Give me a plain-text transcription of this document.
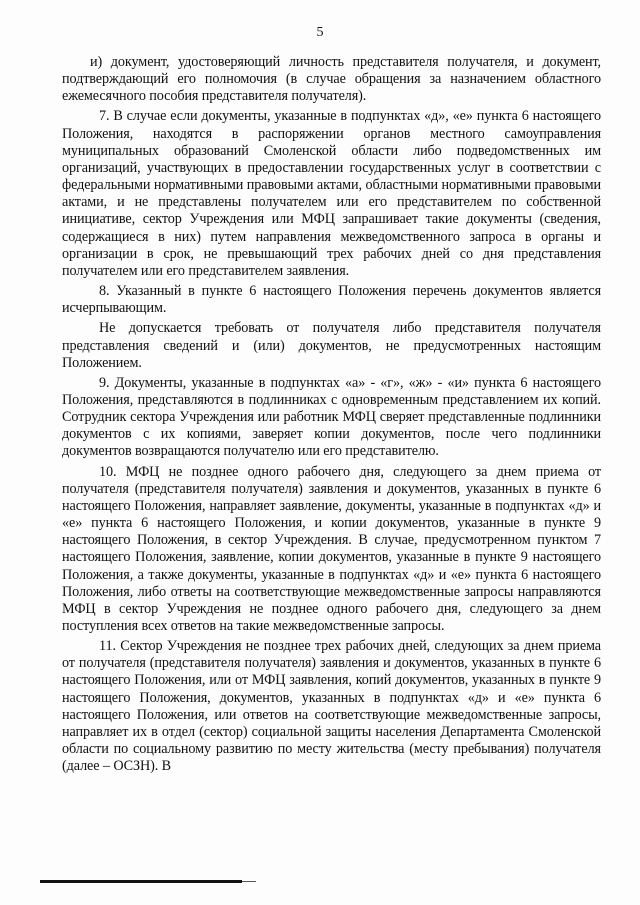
5

и) документ, удостоверяющий личность представителя получателя, и документ, подтверждающий его полномочия (в случае обращения за назначением областного ежемесячного пособия представителя получателя).

7. В случае если документы, указанные в подпунктах «д», «е» пункта 6 настоящего Положения, находятся в распоряжении органов местного самоуправления муниципальных образований Смоленской области либо подведомственных им организаций, участвующих в предоставлении государственных услуг в соответствии с федеральными нормативными правовыми актами, областными нормативными правовыми актами, и не представлены получателем или его представителем по собственной инициативе, сектор Учреждения или МФЦ запрашивает такие документы (сведения, содержащиеся в них) путем направления межведомственного запроса в органы и организации в срок, не превышающий трех рабочих дней со дня представления получателем или его представителем заявления.

8. Указанный в пункте 6 настоящего Положения перечень документов является исчерпывающим.

Не допускается требовать от получателя либо представителя получателя представления сведений и (или) документов, не предусмотренных настоящим Положением.

9. Документы, указанные в подпунктах «а» - «г», «ж» - «и» пункта 6 настоящего Положения, представляются в подлинниках с одновременным представлением их копий. Сотрудник сектора Учреждения или работник МФЦ сверяет представленные подлинники документов с их копиями, заверяет копии документов, после чего подлинники документов возвращаются получателю или его представителю.

10. МФЦ не позднее одного рабочего дня, следующего за днем приема от получателя (представителя получателя) заявления и документов, указанных в пункте 6 настоящего Положения, направляет заявление, документы, указанные в подпунктах «д» и «е» пункта 6 настоящего Положения, и копии документов, указанные в пункте 9 настоящего Положения, в сектор Учреждения. В случае, предусмотренном пунктом 7 настоящего Положения, заявление, копии документов, указанные в пункте 9 настоящего Положения, а также документы, указанные в подпунктах «д» и «е» пункта 6 настоящего Положения, либо ответы на соответствующие межведомственные запросы направляются МФЦ в сектор Учреждения не позднее одного рабочего дня, следующего за днем поступления всех ответов на такие межведомственные запросы.

11. Сектор Учреждения не позднее трех рабочих дней, следующих за днем приема от получателя (представителя получателя) заявления и документов, указанных в пункте 6 настоящего Положения, или от МФЦ заявления, копий документов, указанных в пункте 9 настоящего Положения, документов, указанных в подпунктах «д» и «е» пункта 6 настоящего Положения, или ответов на соответствующие межведомственные запросы, направляет их в отдел (сектор) социальной защиты населения Департамента Смоленской области по социальному развитию по месту жительства (месту пребывания) получателя (далее – ОСЗН). В
